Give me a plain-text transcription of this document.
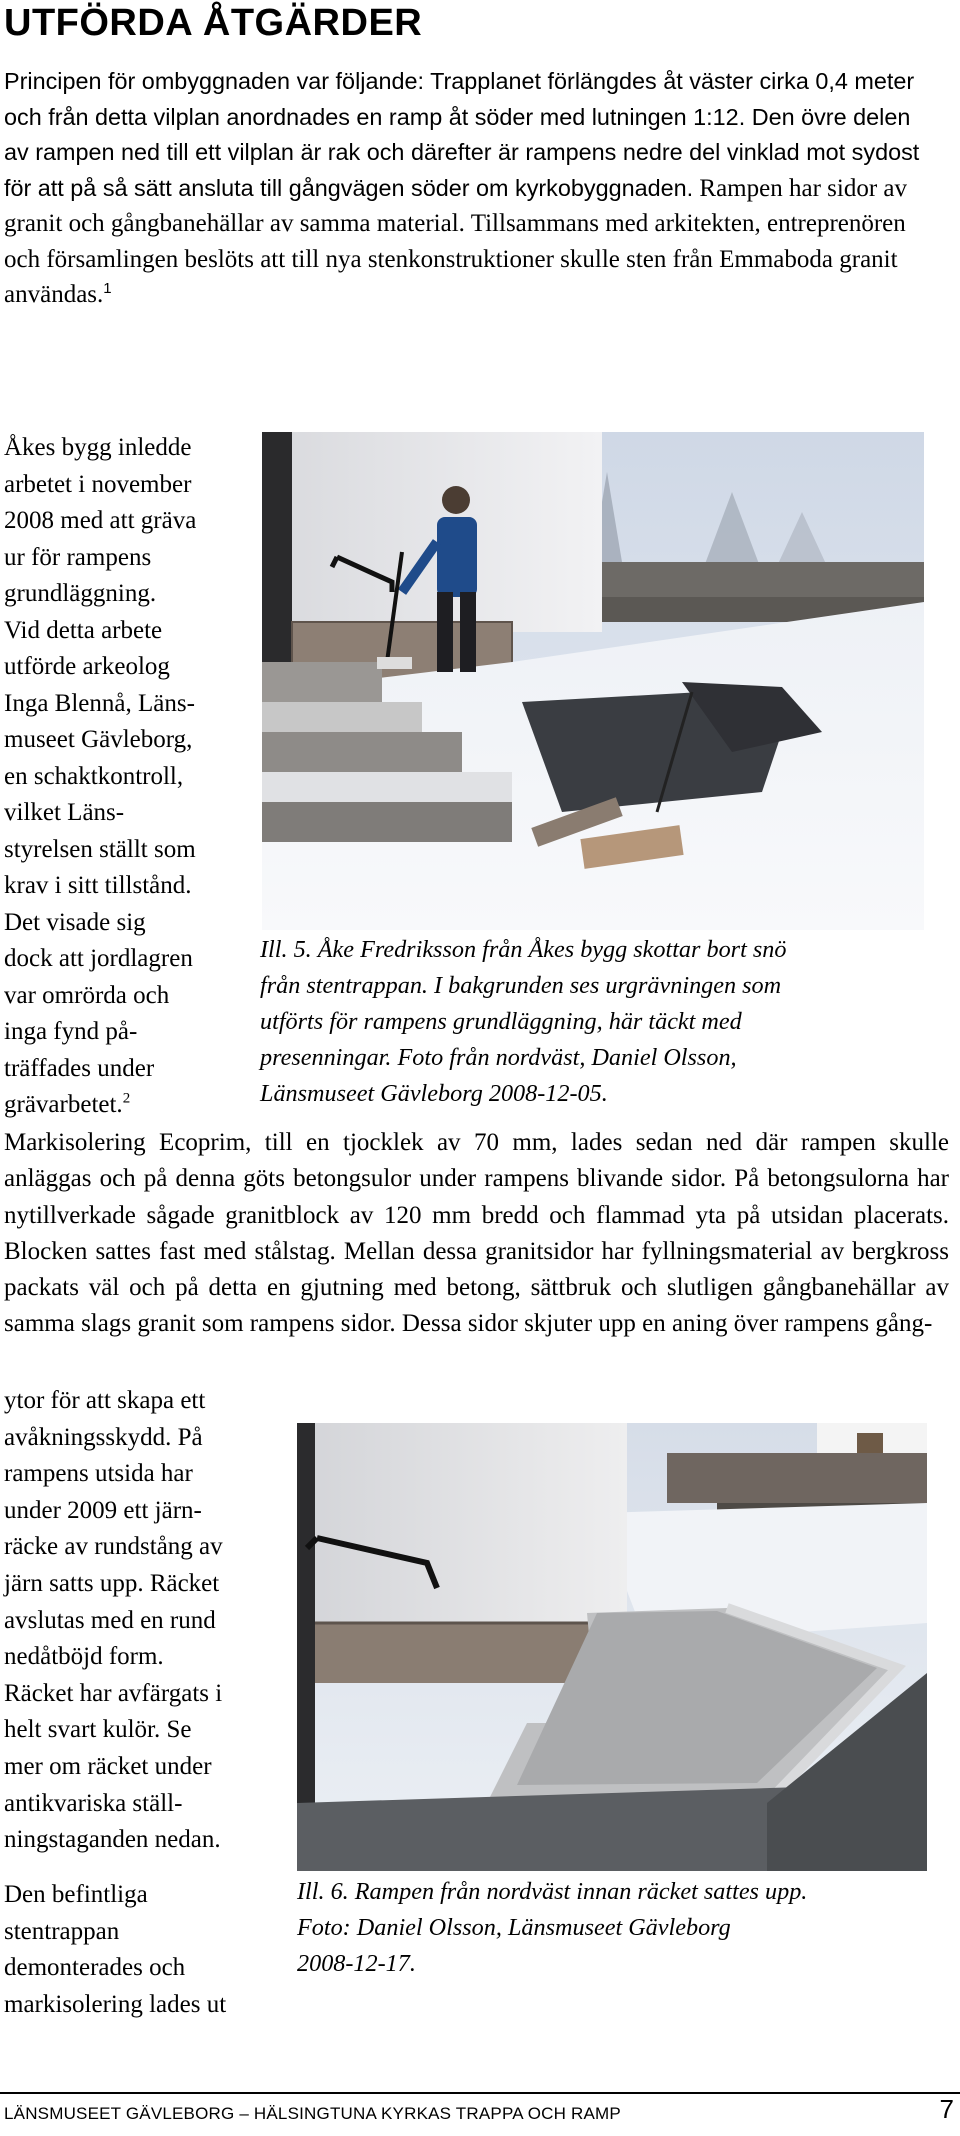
UTFÖRDA ÅTGÄRDER
Principen för ombyggnaden var följande: Trapplanet förlängdes åt väster cirka 0,4 meter och från detta vilplan anordnades en ramp åt söder med lutningen 1:12. Den övre delen av rampen ned till ett vilplan är rak och därefter är rampens nedre del vinklad mot sydost för att på så sätt ansluta till gångvägen söder om kyrkobyggnaden. Rampen har sidor av granit och gångbanehällar av samma material. Tillsammans med arkitekten, entreprenören och församlingen beslöts att till nya stenkonstruktioner skulle sten från Emmaboda granit användas.$^1$
Åkes bygg inledde
arbetet i november
2008 med att gräva
ur för rampens
grundläggning.
Vid detta arbete
utförde arkeolog
Inga Blennå, Läns-
museet Gävleborg,
en schaktkontroll,
vilket Läns-
styrelsen ställt som
krav i sitt tillstånd.
Det visade sig
dock att jordlagren
var omrörda och
inga fynd på-
träffades under
grävarbetet.$^2$
Ill. 5. Åke Fredriksson från Åkes bygg skottar bort snö
från stentrappan. I bakgrunden ses urgrävningen som
utförts för rampens grundläggning, här täckt med
presenningar. Foto från nordväst, Daniel Olsson,
Länsmuseet Gävleborg 2008-12-05.
Markisolering Ecoprim, till en tjocklek av 70 mm, lades sedan ned där rampen skulle anläggas och på denna göts betongsulor under rampens blivande sidor. På betongsulorna har nytillverkade sågade granitblock av 120 mm bredd och flammad yta på utsidan placerats. Blocken sattes fast med stålstag. Mellan dessa granitsidor har fyllningsmaterial av bergkross packats väl och på detta en gjutning med betong, sättbruk och slutligen gångbanehällar av samma slags granit som rampens sidor. Dessa sidor skjuter upp en aning över rampens gång-
ytor för att skapa ett
avåkningsskydd. På
rampens utsida har
under 2009 ett järn-
räcke av rundstång av
järn satts upp. Räcket
avslutas med en rund
nedåtböjd form.
Räcket har avfärgats i
helt svart kulör. Se
mer om räcket under
antikvariska ställ-
ningstaganden nedan.
Den befintliga
stentrappan
demonterades och
markisolering lades ut
Ill. 6. Rampen från nordväst innan räcket sattes upp.
Foto: Daniel Olsson, Länsmuseet Gävleborg
2008-12-17.
LÄNSMUSEET GÄVLEBORG – HÄLSINGTUNA KYRKAS TRAPPA OCH RAMP	7
